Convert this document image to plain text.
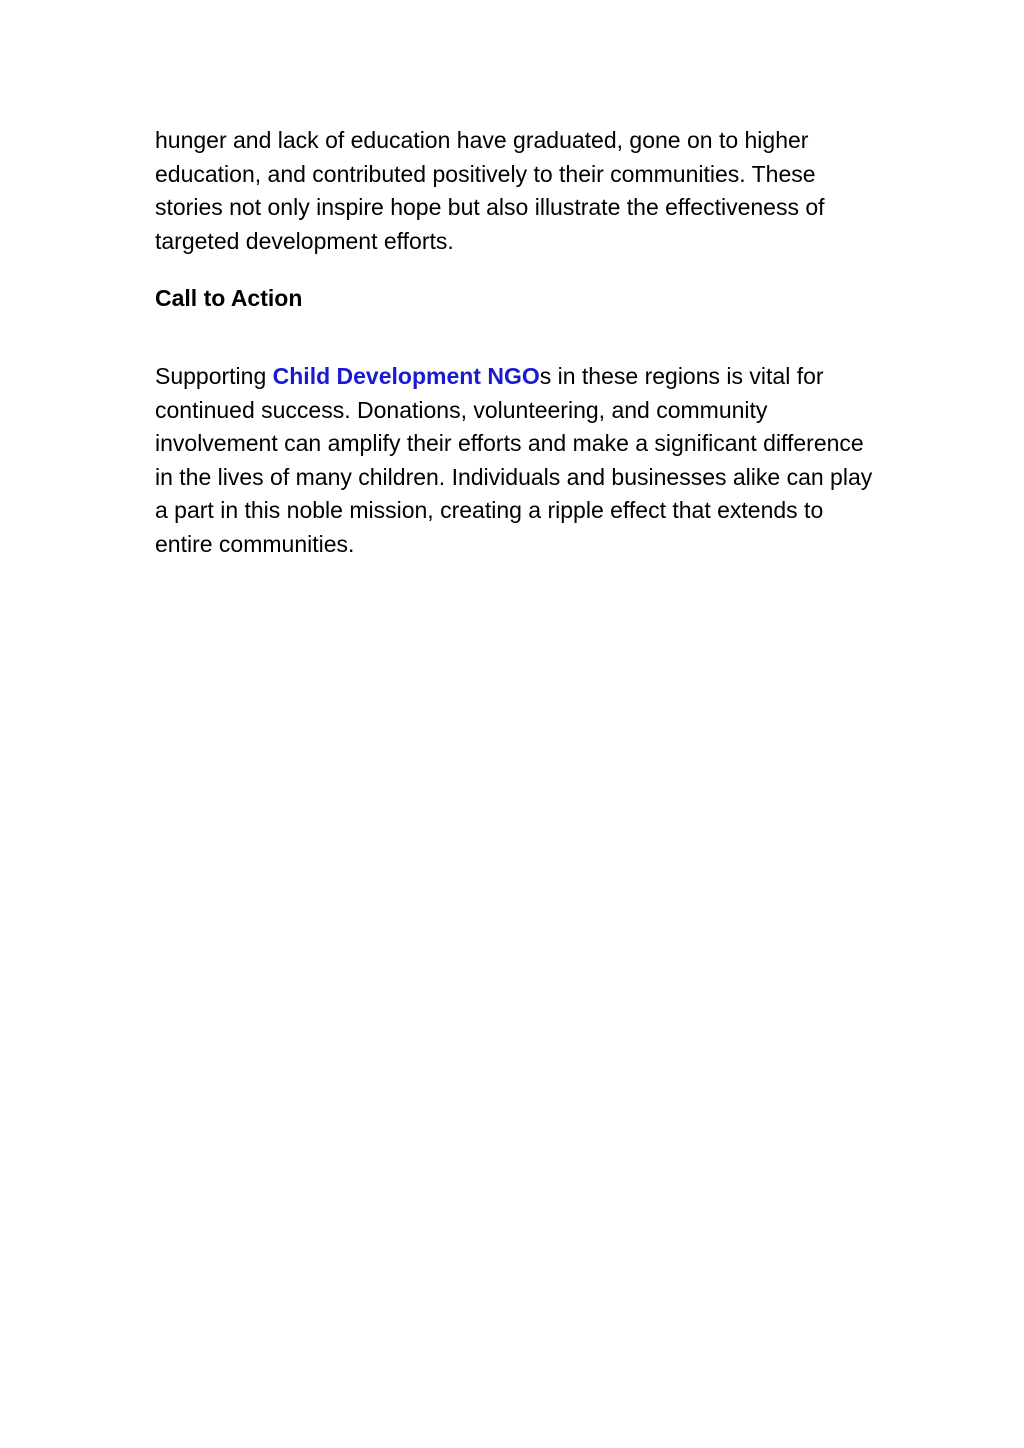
hunger and lack of education have graduated, gone on to higher education, and contributed positively to their communities. These stories not only inspire hope but also illustrate the effectiveness of targeted development efforts.

Call to Action

Supporting Child Development NGOs in these regions is vital for continued success. Donations, volunteering, and community involvement can amplify their efforts and make a significant difference in the lives of many children. Individuals and businesses alike can play a part in this noble mission, creating a ripple effect that extends to entire communities.
